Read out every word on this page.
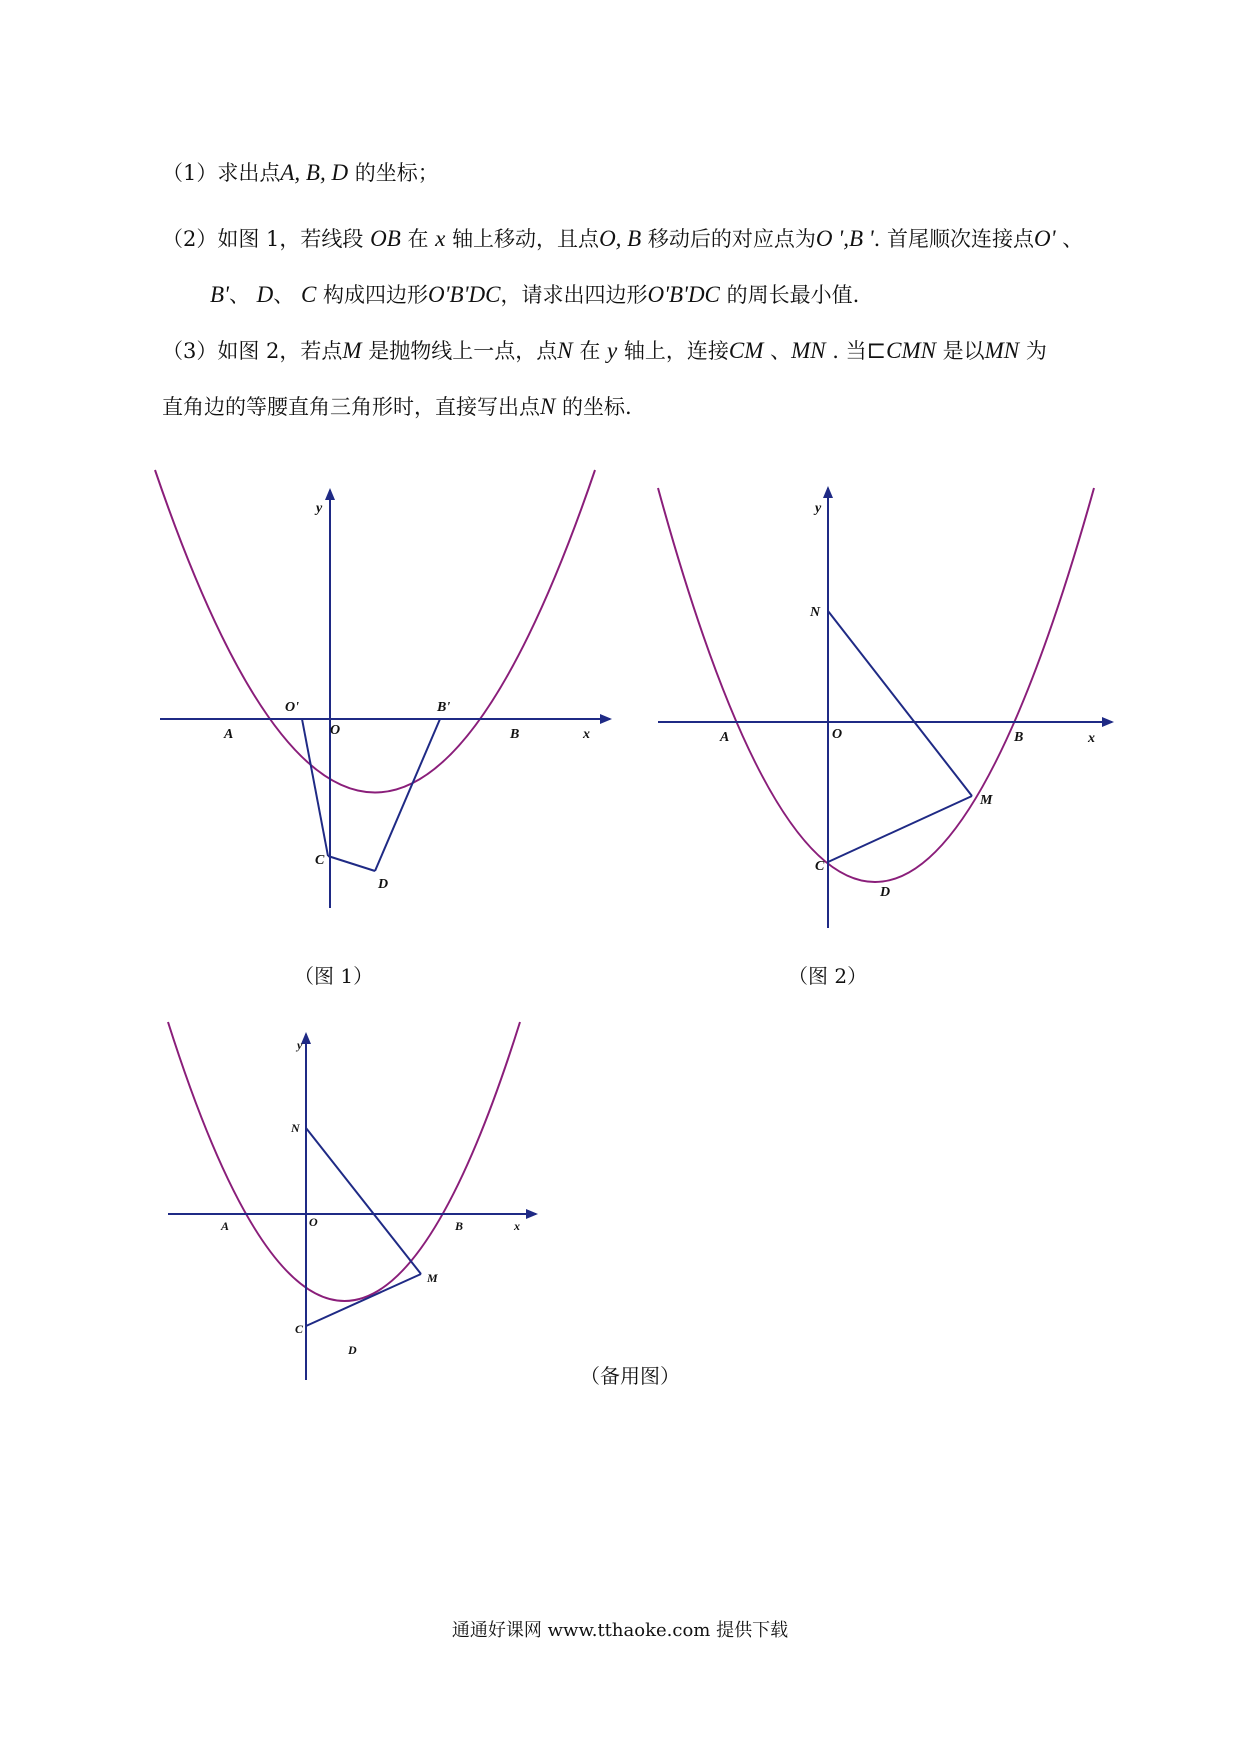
（1）求出点A, B, D 的坐标；
（2）如图 1，若线段 OB 在 x 轴上移动，且点O, B 移动后的对应点为O ',B '. 首尾顺次连接点O' 、
B'、 D、 C 构成四边形O'B'DC，请求出四边形O'B'DC 的周长最小值.
（3）如图 2，若点M 是抛物线上一点，点N 在 y 轴上，连接CM 、MN . 当⊏CMN 是以MN 为
直角边的等腰直角三角形时，直接写出点N 的坐标.
y
x
A	O	B
O'	B'
C
D
y
x
A	O	B
N
M
C
D
y
x
A	O	B
N
M
C
D
（图 1）	（图 2）
（备用图）
通通好课网 www.tthaoke.com 提供下载
